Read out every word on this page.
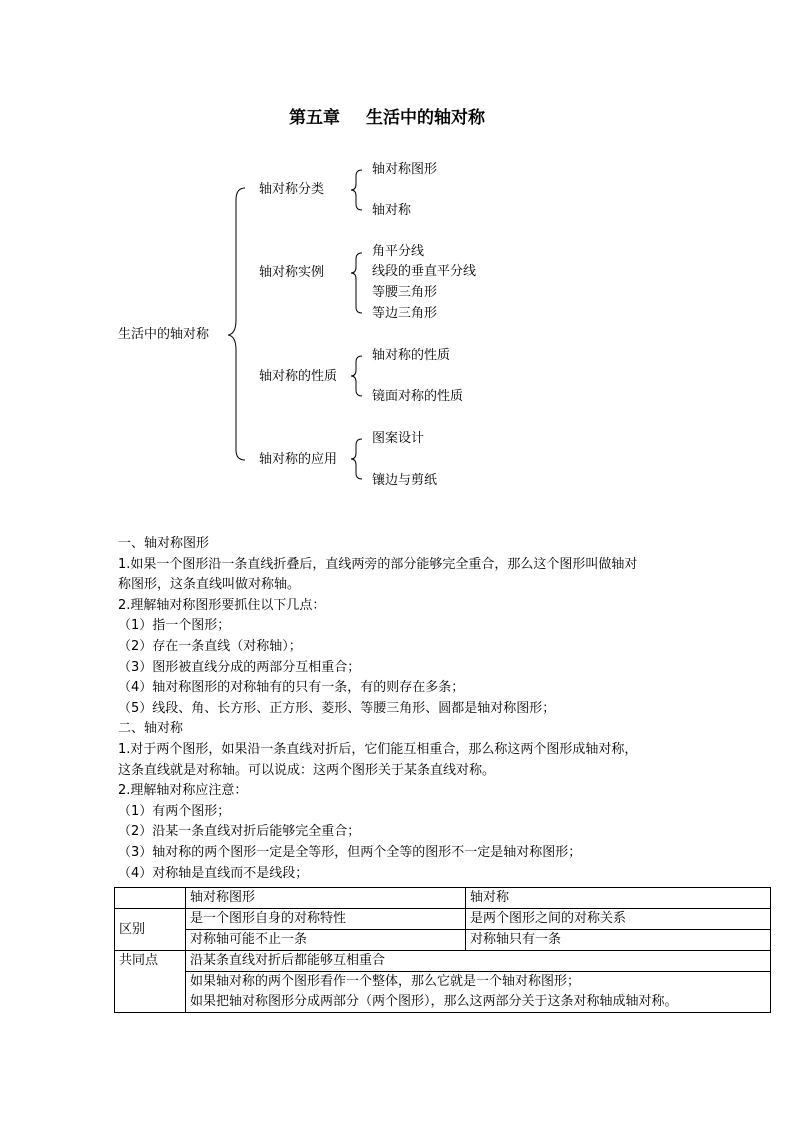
第五章 生活中的轴对称
生活中的轴对称
轴对称分类
轴对称图形
轴对称
轴对称实例
角平分线
线段的垂直平分线
等腰三角形
等边三角形
轴对称的性质
轴对称的性质
镜面对称的性质
轴对称的应用
图案设计
镶边与剪纸

一、轴对称图形

1.如果一个图形沿一条直线折叠后，直线两旁的部分能够完全重合，那么这个图形叫做轴对

称图形，这条直线叫做对称轴。

2.理解轴对称图形要抓住以下几点：

（1）指一个图形；

（2）存在一条直线（对称轴）；

（3）图形被直线分成的两部分互相重合；

（4）轴对称图形的对称轴有的只有一条，有的则存在多条；

（5）线段、角、长方形、正方形、菱形、等腰三角形、圆都是轴对称图形；

二、轴对称

1.对于两个图形，如果沿一条直线对折后，它们能互相重合，那么称这两个图形成轴对称，

这条直线就是对称轴。可以说成：这两个图形关于某条直线对称。

2.理解轴对称应注意：

（1）有两个图形；

（2）沿某一条直线对折后能够完全重合；

（3）轴对称的两个图形一定是全等形，但两个全等的图形不一定是轴对称图形；

（4）对称轴是直线而不是线段；

	轴对称图形	轴对称
区别	是一个图形自身的对称特性	是两个图形之间的对称关系
	对称轴可能不止一条	对称轴只有一条
共同点	沿某条直线对折后都能够互相重合	
	如果轴对称的两个图形看作一个整体，那么它就是一个轴对称图形；	
	如果把轴对称图形分成两部分（两个图形），那么这两部分关于这条对称轴成轴对称。	
